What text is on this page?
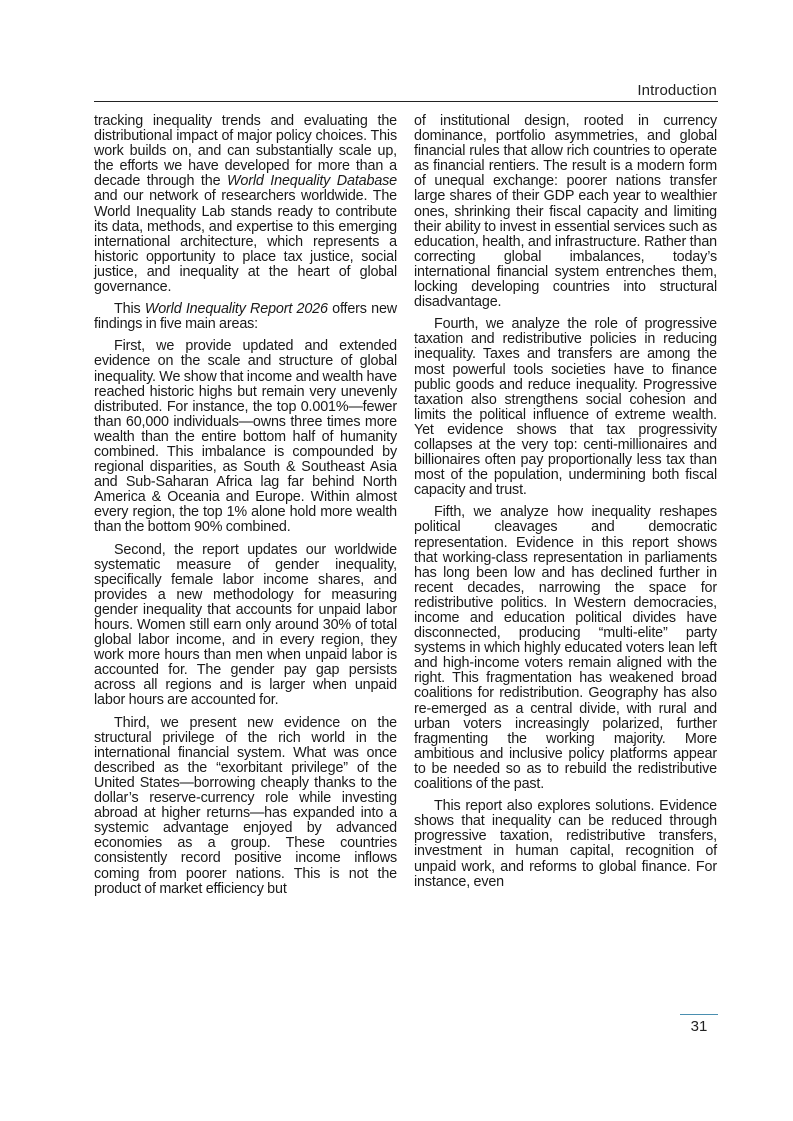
Introduction

tracking inequality trends and evaluating the distributional impact of major policy choices. This work builds on, and can substantially scale up, the efforts we have developed for more than a decade through the World Inequality Database and our network of researchers worldwide. The World Inequality Lab stands ready to contribute its data, methods, and expertise to this emerging international architecture, which represents a historic opportunity to place tax justice, social justice, and inequality at the heart of global governance.

This World Inequality Report 2026 offers new findings in five main areas:

First, we provide updated and extended evidence on the scale and structure of global inequality. We show that income and wealth have reached historic highs but remain very unevenly distributed. For instance, the top 0.001%—fewer than 60,000 individuals—owns three times more wealth than the entire bottom half of humanity combined. This imbalance is compounded by regional disparities, as South & Southeast Asia and Sub-Saharan Africa lag far behind North America & Oceania and Europe. Within almost every region, the top 1% alone hold more wealth than the bottom 90% combined.

Second, the report updates our worldwide systematic measure of gender inequality, specifically female labor income shares, and provides a new methodology for measuring gender inequality that accounts for unpaid labor hours. Women still earn only around 30% of total global labor income, and in every region, they work more hours than men when unpaid labor is accounted for. The gender pay gap persists across all regions and is larger when unpaid labor hours are accounted for.

Third, we present new evidence on the structural privilege of the rich world in the international financial system. What was once described as the “exorbitant privilege” of the United States—borrowing cheaply thanks to the dollar’s reserve-currency role while investing abroad at higher returns—has expanded into a systemic advantage enjoyed by advanced economies as a group. These countries consistently record positive income inflows coming from poorer nations. This is not the product of market efficiency but

of institutional design, rooted in currency dominance, portfolio asymmetries, and global financial rules that allow rich countries to operate as financial rentiers. The result is a modern form of unequal exchange: poorer nations transfer large shares of their GDP each year to wealthier ones, shrinking their fiscal capacity and limiting their ability to invest in essential services such as education, health, and infrastructure. Rather than correcting global imbalances, today’s international financial system entrenches them, locking developing countries into structural disadvantage.

Fourth, we analyze the role of progressive taxation and redistributive policies in reducing inequality. Taxes and transfers are among the most powerful tools societies have to finance public goods and reduce inequality. Progressive taxation also strengthens social cohesion and limits the political influence of extreme wealth. Yet evidence shows that tax progressivity collapses at the very top: centi-millionaires and billionaires often pay proportionally less tax than most of the population, undermining both fiscal capacity and trust.

Fifth, we analyze how inequality reshapes political cleavages and democratic representation. Evidence in this report shows that working-class representation in parliaments has long been low and has declined further in recent decades, narrowing the space for redistributive politics. In Western democracies, income and education political divides have disconnected, producing “multi-elite” party systems in which highly educated voters lean left and high-income voters remain aligned with the right. This fragmentation has weakened broad coalitions for redistribution. Geography has also re-emerged as a central divide, with rural and urban voters increasingly polarized, further fragmenting the working majority. More ambitious and inclusive policy platforms appear to be needed so as to rebuild the redistributive coalitions of the past.

This report also explores solutions. Evidence shows that inequality can be reduced through progressive taxation, redistributive transfers, investment in human capital, recognition of unpaid work, and reforms to global finance. For instance, even

31
